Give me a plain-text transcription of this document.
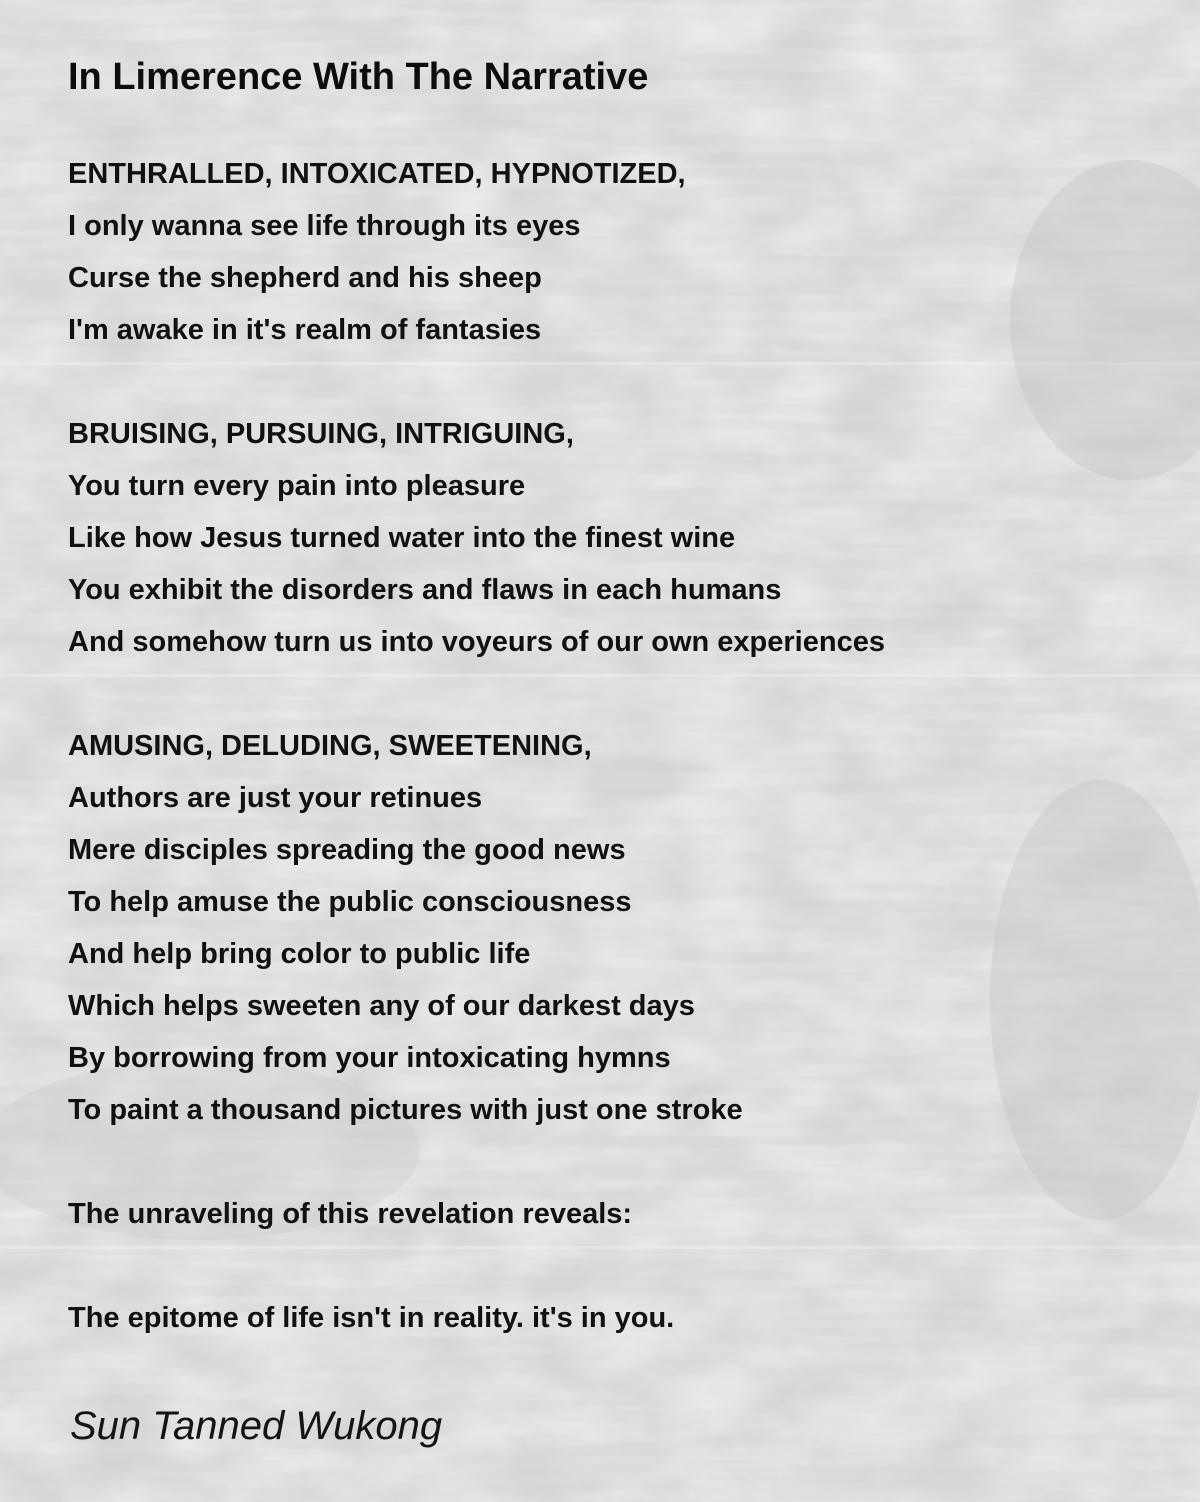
In Limerence With The Narrative
ENTHRALLED, INTOXICATED, HYPNOTIZED,
I only wanna see life through its eyes
Curse the shepherd and his sheep
I'm awake in it's realm of fantasies
BRUISING, PURSUING, INTRIGUING,
You turn every pain into pleasure
Like how Jesus turned water into the finest wine
You exhibit the disorders and flaws in each humans
And somehow turn us into voyeurs of our own experiences
AMUSING, DELUDING, SWEETENING,
Authors are just your retinues
Mere disciples spreading the good news
To help amuse the public consciousness
And help bring color to public life
Which helps sweeten any of our darkest days
By borrowing from your intoxicating hymns
To paint a thousand pictures with just one stroke
The unraveling of this revelation reveals:
The epitome of life isn't in reality. it's in you.
Sun Tanned Wukong
